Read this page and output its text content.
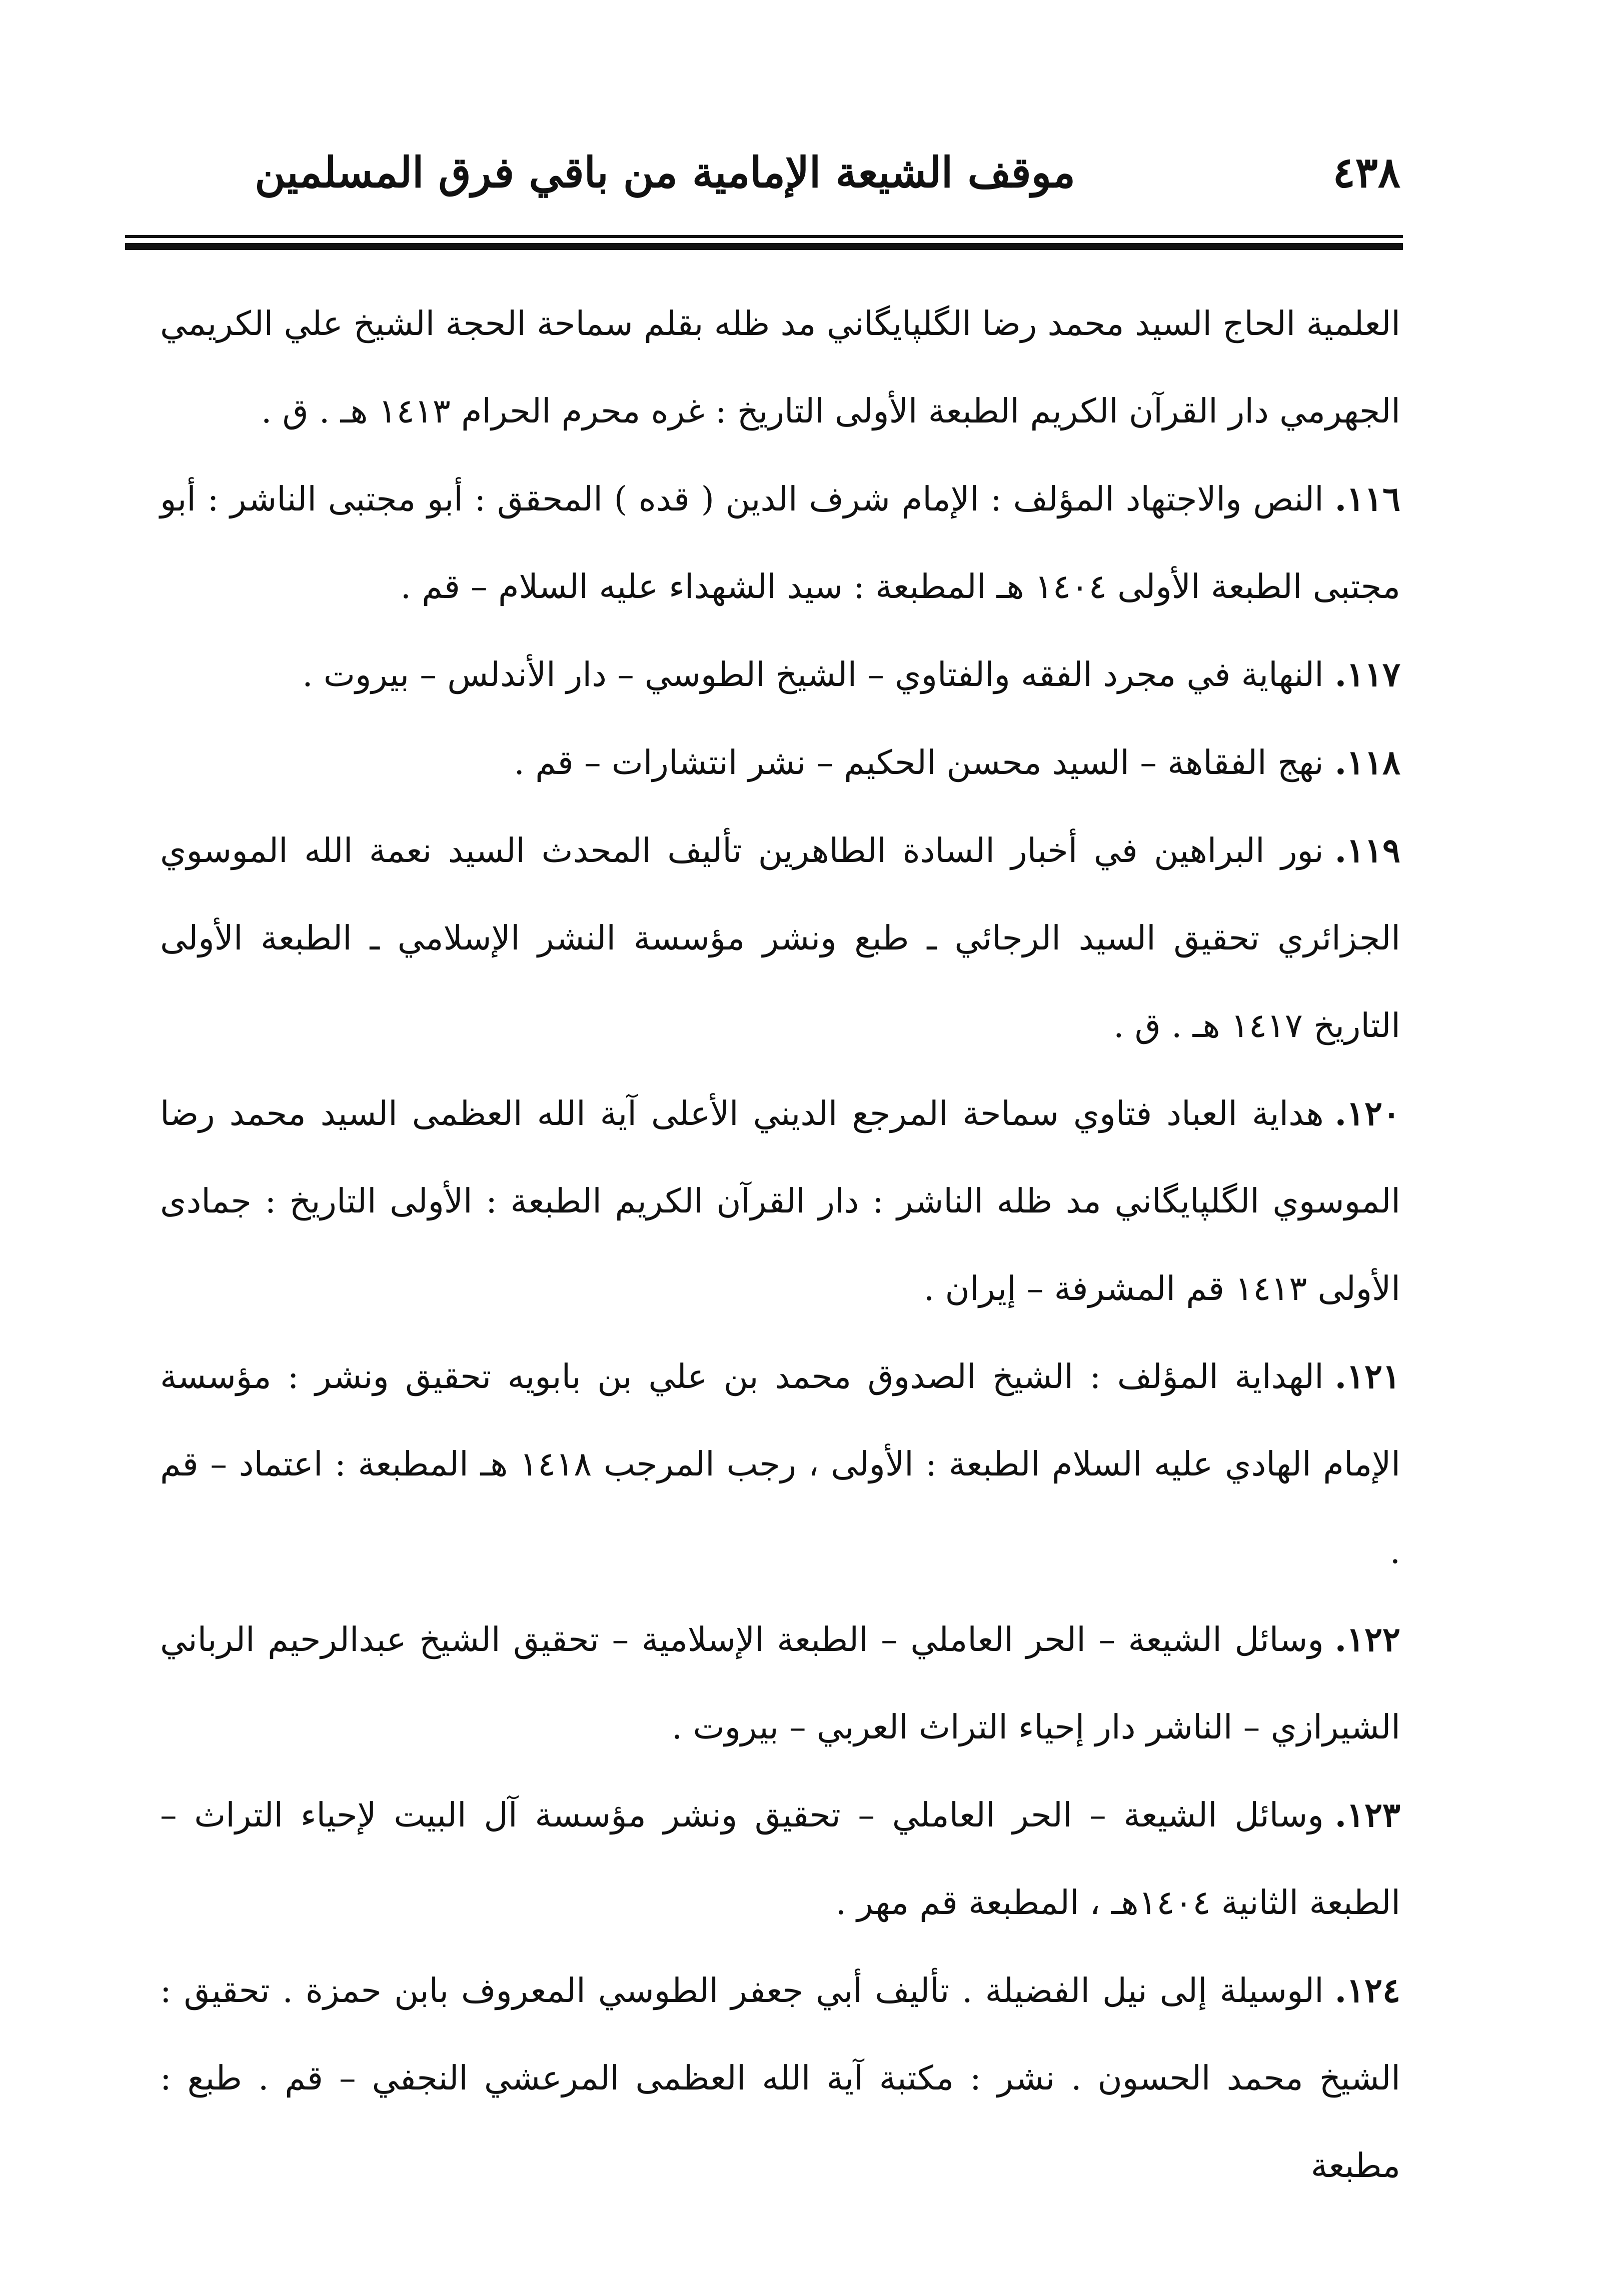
موقف الشيعة الإمامية من باقي فرق المسلمين	٤٣٨

العلمية الحاج السيد محمد رضا الگلپايگاني مد ظله بقلم سماحة الحجة الشيخ علي الكريمي الجهرمي دار القرآن الكريم الطبعة الأولى التاريخ : غره محرم الحرام ١٤١٣ هـ . ق .

١١٦.النص والاجتهاد المؤلف : الإمام شرف الدين ( قده ) المحقق : أبو مجتبى الناشر : أبو مجتبى الطبعة الأولى ١٤٠٤ هـ المطبعة : سيد الشهداء عليه السلام – قم .

١١٧.النهاية في مجرد الفقه والفتاوي – الشيخ الطوسي – دار الأندلس – بيروت .

١١٨.نهج الفقاهة – السيد محسن الحكيم – نشر انتشارات – قم .

١١٩.نور البراهين في أخبار السادة الطاهرين تأليف المحدث السيد نعمة الله الموسوي الجزائري تحقيق السيد الرجائي ـ طبع ونشر مؤسسة النشر الإسلامي ـ الطبعة الأولى التاريخ ١٤١٧ هـ . ق .

١٢٠.هداية العباد فتاوي سماحة المرجع الديني الأعلى آية الله العظمى السيد محمد رضا الموسوي الگلپايگاني مد ظله الناشر : دار القرآن الكريم الطبعة : الأولى التاريخ : جمادى الأولى ١٤١٣ قم المشرفة – إيران .

١٢١.الهداية المؤلف : الشيخ الصدوق محمد بن علي بن بابويه تحقيق ونشر : مؤسسة الإمام الهادي عليه السلام الطبعة : الأولى ، رجب المرجب ١٤١٨ هـ المطبعة : اعتماد – قم .

١٢٢.وسائل الشيعة – الحر العاملي – الطبعة الإسلامية – تحقيق الشيخ عبدالرحيم الرباني الشيرازي – الناشر دار إحياء التراث العربي – بيروت .

١٢٣.وسائل الشيعة – الحر العاملي – تحقيق ونشر مؤسسة آل البيت لإحياء التراث – الطبعة الثانية ١٤٠٤هـ ، المطبعة قم مهر .

١٢٤.الوسيلة إلى نيل الفضيلة . تأليف أبي جعفر الطوسي المعروف بابن حمزة . تحقيق : الشيخ محمد الحسون . نشر : مكتبة آية الله العظمى المرعشي النجفي – قم . طبع : مطبعة
